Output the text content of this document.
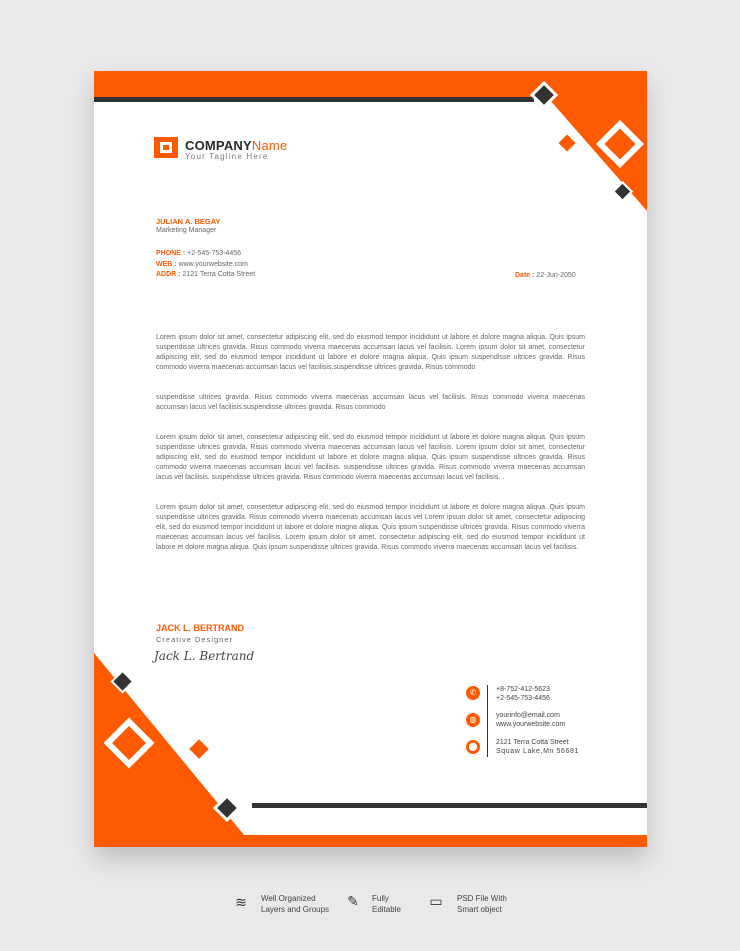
COMPANYName
Your Tagline Here
JULIAN A. BEGAY
Marketing Manager
PHONE : +2-545-753-4456
WEB : www.yourwebsite.com
ADDR : 2121 Terra Cotta Street	Date : 22-Jun-2050

Lorem ipsum dolor sit amet, consectetur adipiscing elit, sed do eiusmod tempor incididunt ut labore et dolore magna aliqua. Quis ipsum suspendisse ultrices gravida. Risus commodo viverra maecenas accumsan lacus vel facilisis. Lorem ipsum dolor sit amet, consectetur adipiscing elit, sed do eiusmod tempor incididunt ut labore et dolore magna aliqua. Quis ipsum suspendisse ultrices gravida. Risus commodo viverra maecenas accumsan lacus vel facilisis.suspendisse ultrices gravida. Risus commodo

suspendisse ultrices gravida. Risus commodo viverra maecenas accumsan lacus vel facilisis. Risus commodo viverra maecenas accumsan lacus vel facilisis.suspendisse ultrices gravida. Risus commodo

Lorem ipsum dolor sit amet, consectetur adipiscing elit, sed do eiusmod tempor incididunt ut labore et dolore magna aliqua. Quis ipsum suspendisse ultrices gravida. Risus commodo viverra maecenas accumsan lacus vel facilisis. Lorem ipsum dolor sit amet, consectetur adipiscing elit, sed do eiusmod tempor incididunt ut labore et dolore magna aliqua. Quis ipsum suspendisse ultrices gravida. Risus commodo viverra maecenas accumsan lacus vel facilisis. suspendisse ultrices gravida. Risus commodo viverra maecenas accumsan lacus vel facilisis. suspendisse ultrices gravida. Risus commodo viverra maecenas accumsan lacus vel facilisis. .

Lorem ipsum dolor sit amet, consectetur adipiscing elit, sed do eiusmod tempor incididunt ut labore et dolore magna aliqua. Quis ipsum suspendisse ultrices gravida. Risus commodo viverra maecenas accumsan lacus vel Lorem ipsum dolor sit amet, consectetur adipiscing elit, sed do eiusmod tempor incididunt ut labore et dolore magna aliqua. Quis ipsum suspendisse ultrices gravida. Risus commodo viverra maecenas accumsan lacus vel facilisis. Lorem ipsum dolor sit amet, consectetur adipiscing elit, sed do eiusmod tempor incididunt ut labore et dolore magna aliqua. Quis ipsum suspendisse ultrices gravida. Risus commodo viverra maecenas accumsan lacus vel facilisis.

JACK L. BERTRAND
Creative Designer
Jack L. Bertrand
✆
◍
⬤
+8-752-412-5623
+2-545-753-4456
yourinfo@email.com
www.yourwebsite.com
2121 Terra Cotta Street
Squaw Lake,Mn 56681
≋ Well Organized
Layers and Groups
✎ Fully
Editable
▭ PSD File With
Smart object
